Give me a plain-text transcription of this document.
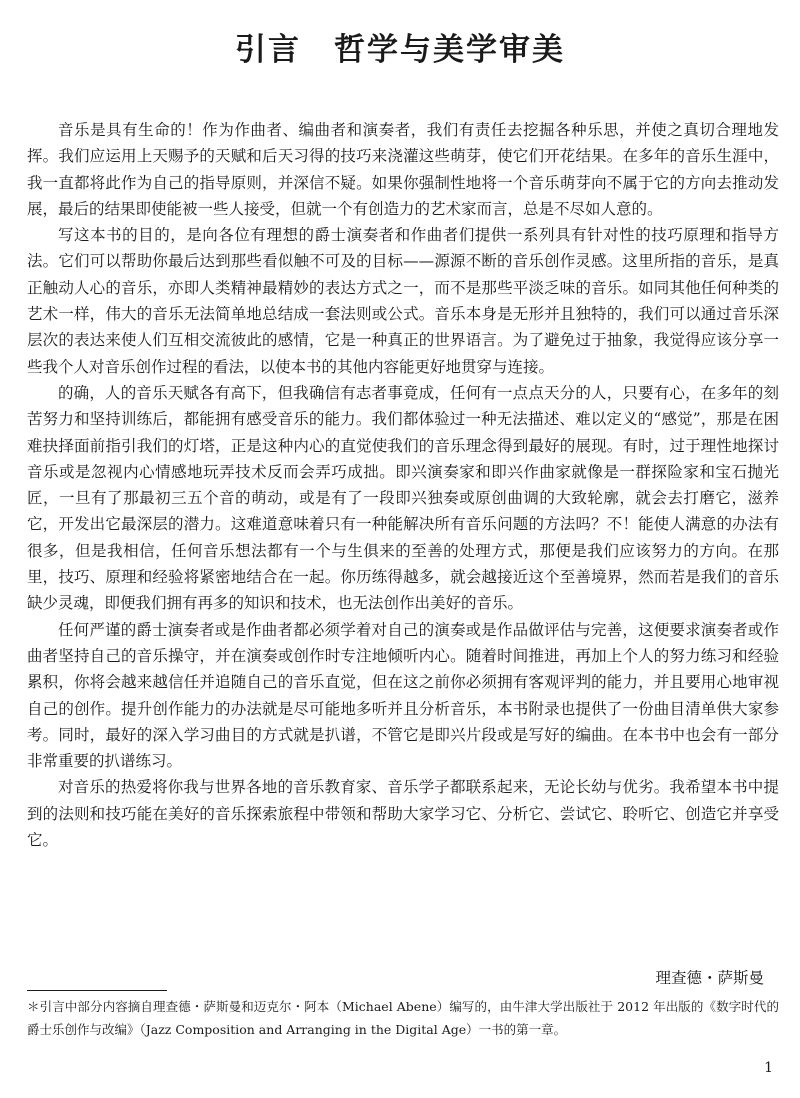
引言　哲学与美学审美

音乐是具有生命的！作为作曲者、编曲者和演奏者，我们有责任去挖掘各种乐思，并使之真切合理地发挥。我们应运用上天赐予的天赋和后天习得的技巧来浇灌这些萌芽，使它们开花结果。在多年的音乐生涯中，我一直都将此作为自己的指导原则，并深信不疑。如果你强制性地将一个音乐萌芽向不属于它的方向去推动发展，最后的结果即使能被一些人接受，但就一个有创造力的艺术家而言，总是不尽如人意的。

写这本书的目的，是向各位有理想的爵士演奏者和作曲者们提供一系列具有针对性的技巧原理和指导方法。它们可以帮助你最后达到那些看似触不可及的目标——源源不断的音乐创作灵感。这里所指的音乐，是真正触动人心的音乐，亦即人类精神最精妙的表达方式之一，而不是那些平淡乏味的音乐。如同其他任何种类的艺术一样，伟大的音乐无法简单地总结成一套法则或公式。音乐本身是无形并且独特的，我们可以通过音乐深层次的表达来使人们互相交流彼此的感情，它是一种真正的世界语言。为了避免过于抽象，我觉得应该分享一些我个人对音乐创作过程的看法，以使本书的其他内容能更好地贯穿与连接。

的确，人的音乐天赋各有高下，但我确信有志者事竟成，任何有一点点天分的人，只要有心，在多年的刻苦努力和坚持训练后，都能拥有感受音乐的能力。我们都体验过一种无法描述、难以定义的“感觉”，那是在困难抉择面前指引我们的灯塔，正是这种内心的直觉使我们的音乐理念得到最好的展现。有时，过于理性地探讨音乐或是忽视内心情感地玩弄技术反而会弄巧成拙。即兴演奏家和即兴作曲家就像是一群探险家和宝石抛光匠，一旦有了那最初三五个音的萌动，或是有了一段即兴独奏或原创曲调的大致轮廓，就会去打磨它，滋养它，开发出它最深层的潜力。这难道意味着只有一种能解决所有音乐问题的方法吗？不！能使人满意的办法有很多，但是我相信，任何音乐想法都有一个与生俱来的至善的处理方式，那便是我们应该努力的方向。在那里，技巧、原理和经验将紧密地结合在一起。你历练得越多，就会越接近这个至善境界，然而若是我们的音乐缺少灵魂，即便我们拥有再多的知识和技术，也无法创作出美好的音乐。

任何严谨的爵士演奏者或是作曲者都必须学着对自己的演奏或是作品做评估与完善，这便要求演奏者或作曲者坚持自己的音乐操守，并在演奏或创作时专注地倾听内心。随着时间推进，再加上个人的努力练习和经验累积，你将会越来越信任并追随自己的音乐直觉，但在这之前你必须拥有客观评判的能力，并且要用心地审视自己的创作。提升创作能力的办法就是尽可能地多听并且分析音乐，本书附录也提供了一份曲目清单供大家参考。同时，最好的深入学习曲目的方式就是扒谱，不管它是即兴片段或是写好的编曲。在本书中也会有一部分非常重要的扒谱练习。

对音乐的热爱将你我与世界各地的音乐教育家、音乐学子都联系起来，无论长幼与优劣。我希望本书中提到的法则和技巧能在美好的音乐探索旅程中带领和帮助大家学习它、分析它、尝试它、聆听它、创造它并享受它。

理查德・萨斯曼

＊引言中部分内容摘自理查德・萨斯曼和迈克尔・阿本（Michael Abene）编写的，由牛津大学出版社于 2012 年出版的《数字时代的爵士乐创作与改编》（Jazz Composition and Arranging in the Digital Age）一书的第一章。

1
